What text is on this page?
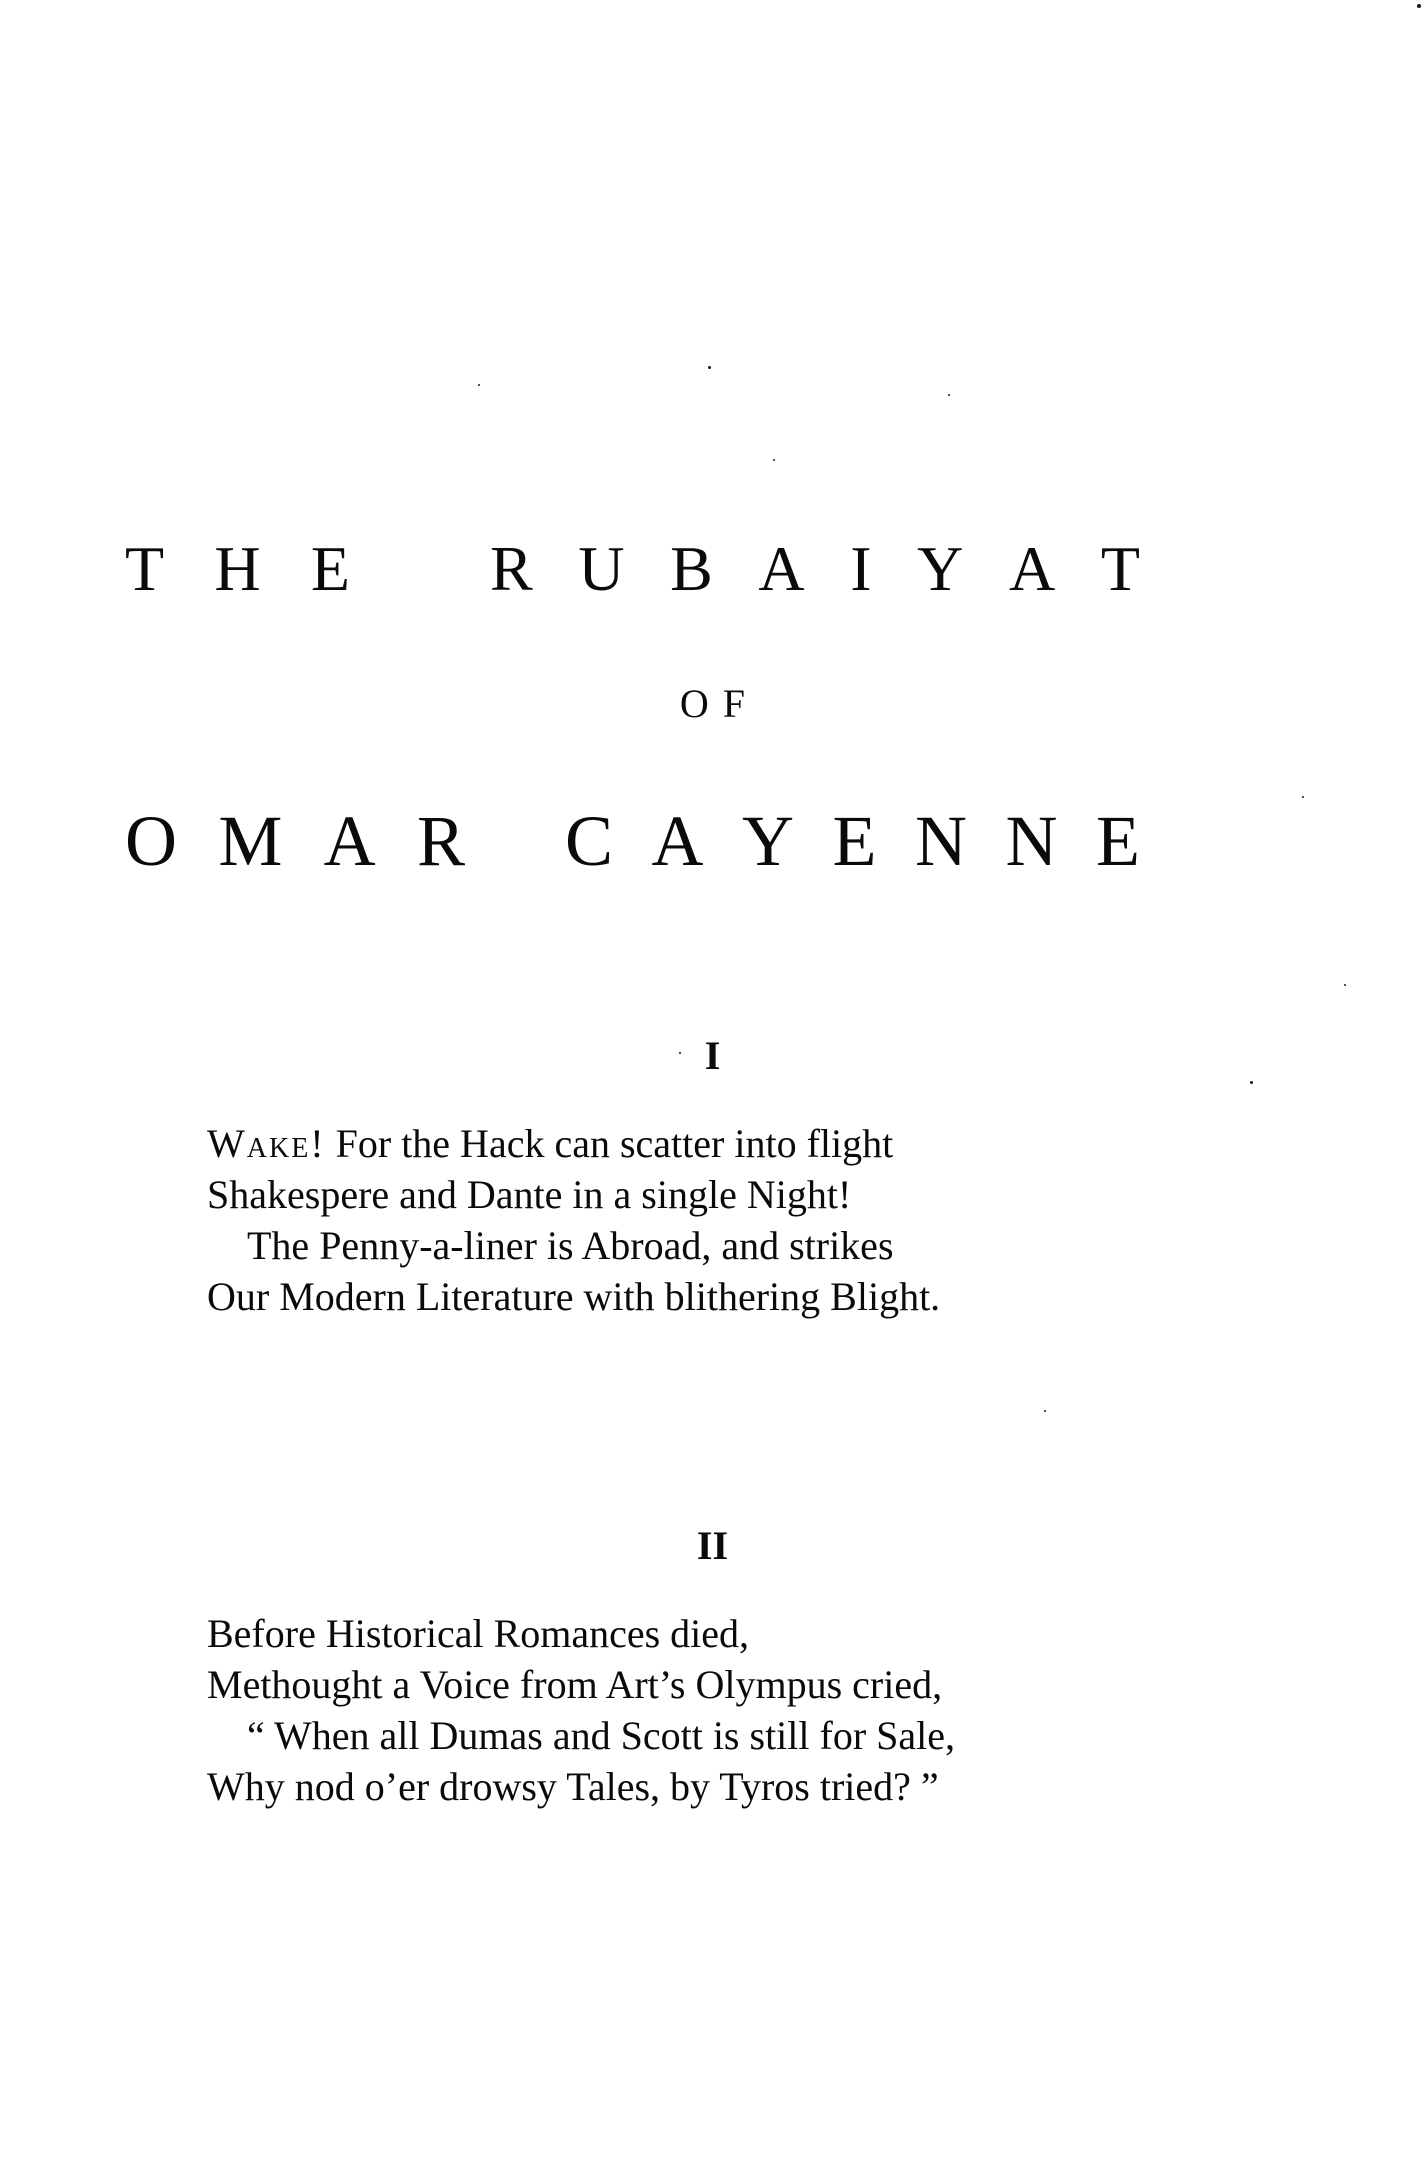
T H E R U B A I Y A T
OF
O M A R C A Y E N N E
I
Wake! For the Hack can scatter into flight
Shakespere and Dante in a single Night!
The Penny-a-liner is Abroad, and strikes
Our Modern Literature with blithering Blight.
II
Before Historical Romances died,
Methought a Voice from Art’s Olympus cried,
“ When all Dumas and Scott is still for Sale,
Why nod o’er drowsy Tales, by Tyros tried? ”
